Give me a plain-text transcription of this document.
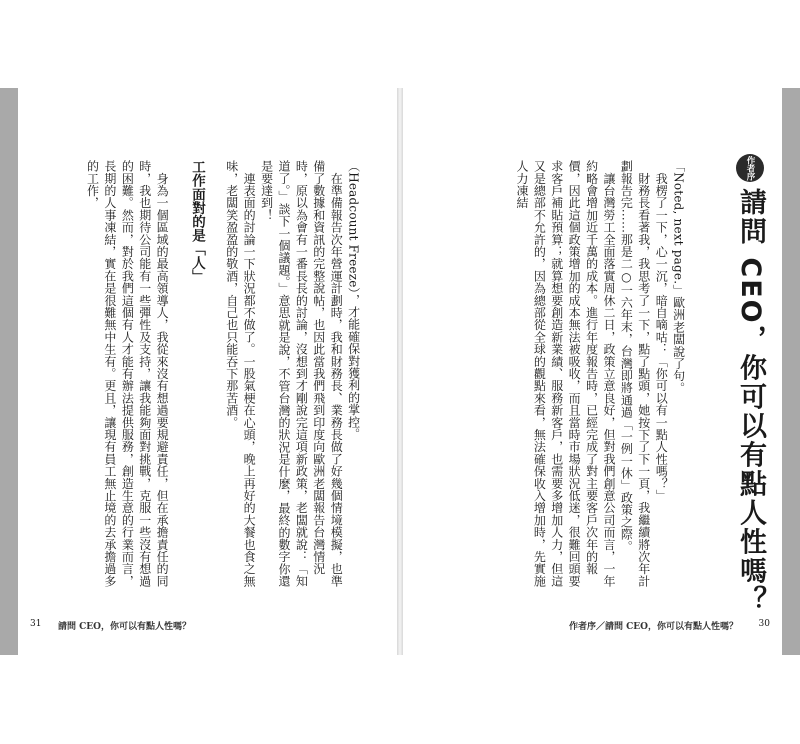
（Headcount Freeze），才能確保對獲利的掌控。
　在準備報告次年營運計劃時，我和財務長、業務長做了好幾個情境模擬，也準備了數據和資訊的完整說帖，也因此當我們飛到印度向歐洲老闆報告台灣情況時，原以為會有一番長長的討論，沒想到才剛說完這項新政策，老闆就說：「知道了。」談下一個議題。」意思就是說，不管台灣的狀況是什麼，最終的數字你還是要達到！
　連表面的討論一下狀況都不做了。一股氣梗在心頭，晚上再好的大餐也食之無味，老闆笑盈盈的敬酒，自己也只能吞下那苦酒。

工作面對的是「人」

　身為一個區域的最高領導人，我從來沒有想過要規避責任，但在承擔責任的同時，我也期待公司能有一些彈性及支持，讓我能夠面對挑戰，克服一些沒有想過的困難。然而，對於我們這個有人才能有辦法提供服務，創造生意的行業而言，長期的人事凍結，實在是很難無中生有。更且，讓現有員工無止境的去承擔過多的工作，

31 請問 CEO，你可以有點人性嗎？
作者序
請問 CEO，你可以有點人性嗎？

「Noted, next page.」歐洲老闆說了句。
　我楞了一下，心一沉，暗自嘀咕：「你可以有一點人性嗎？」
　財務長看著我，我思考了一下，點了點頭，她按下了下一頁，我繼續將次年計劃報告完……那是二○一六年末，台灣即將通過「一例一休」政策之際。
　讓台灣勞工全面落實周休二日，政策立意良好，但對我們創意公司而言，一年約略會增加近千萬的成本。進行年度報告時，已經完成了對主要客戶次年的報價，因此這個政策增加的成本無法被吸收，而且當時市場狀況低迷，很難回頭要求客戶補貼預算；就算想要創造新業績、服務新客戶，也需要多增加人力，但這又是總部不允許的，因為總部從全球的觀點來看，無法確保收入增加時，先實施人力凍結

作者序／請問 CEO，你可以有點人性嗎？ 30
